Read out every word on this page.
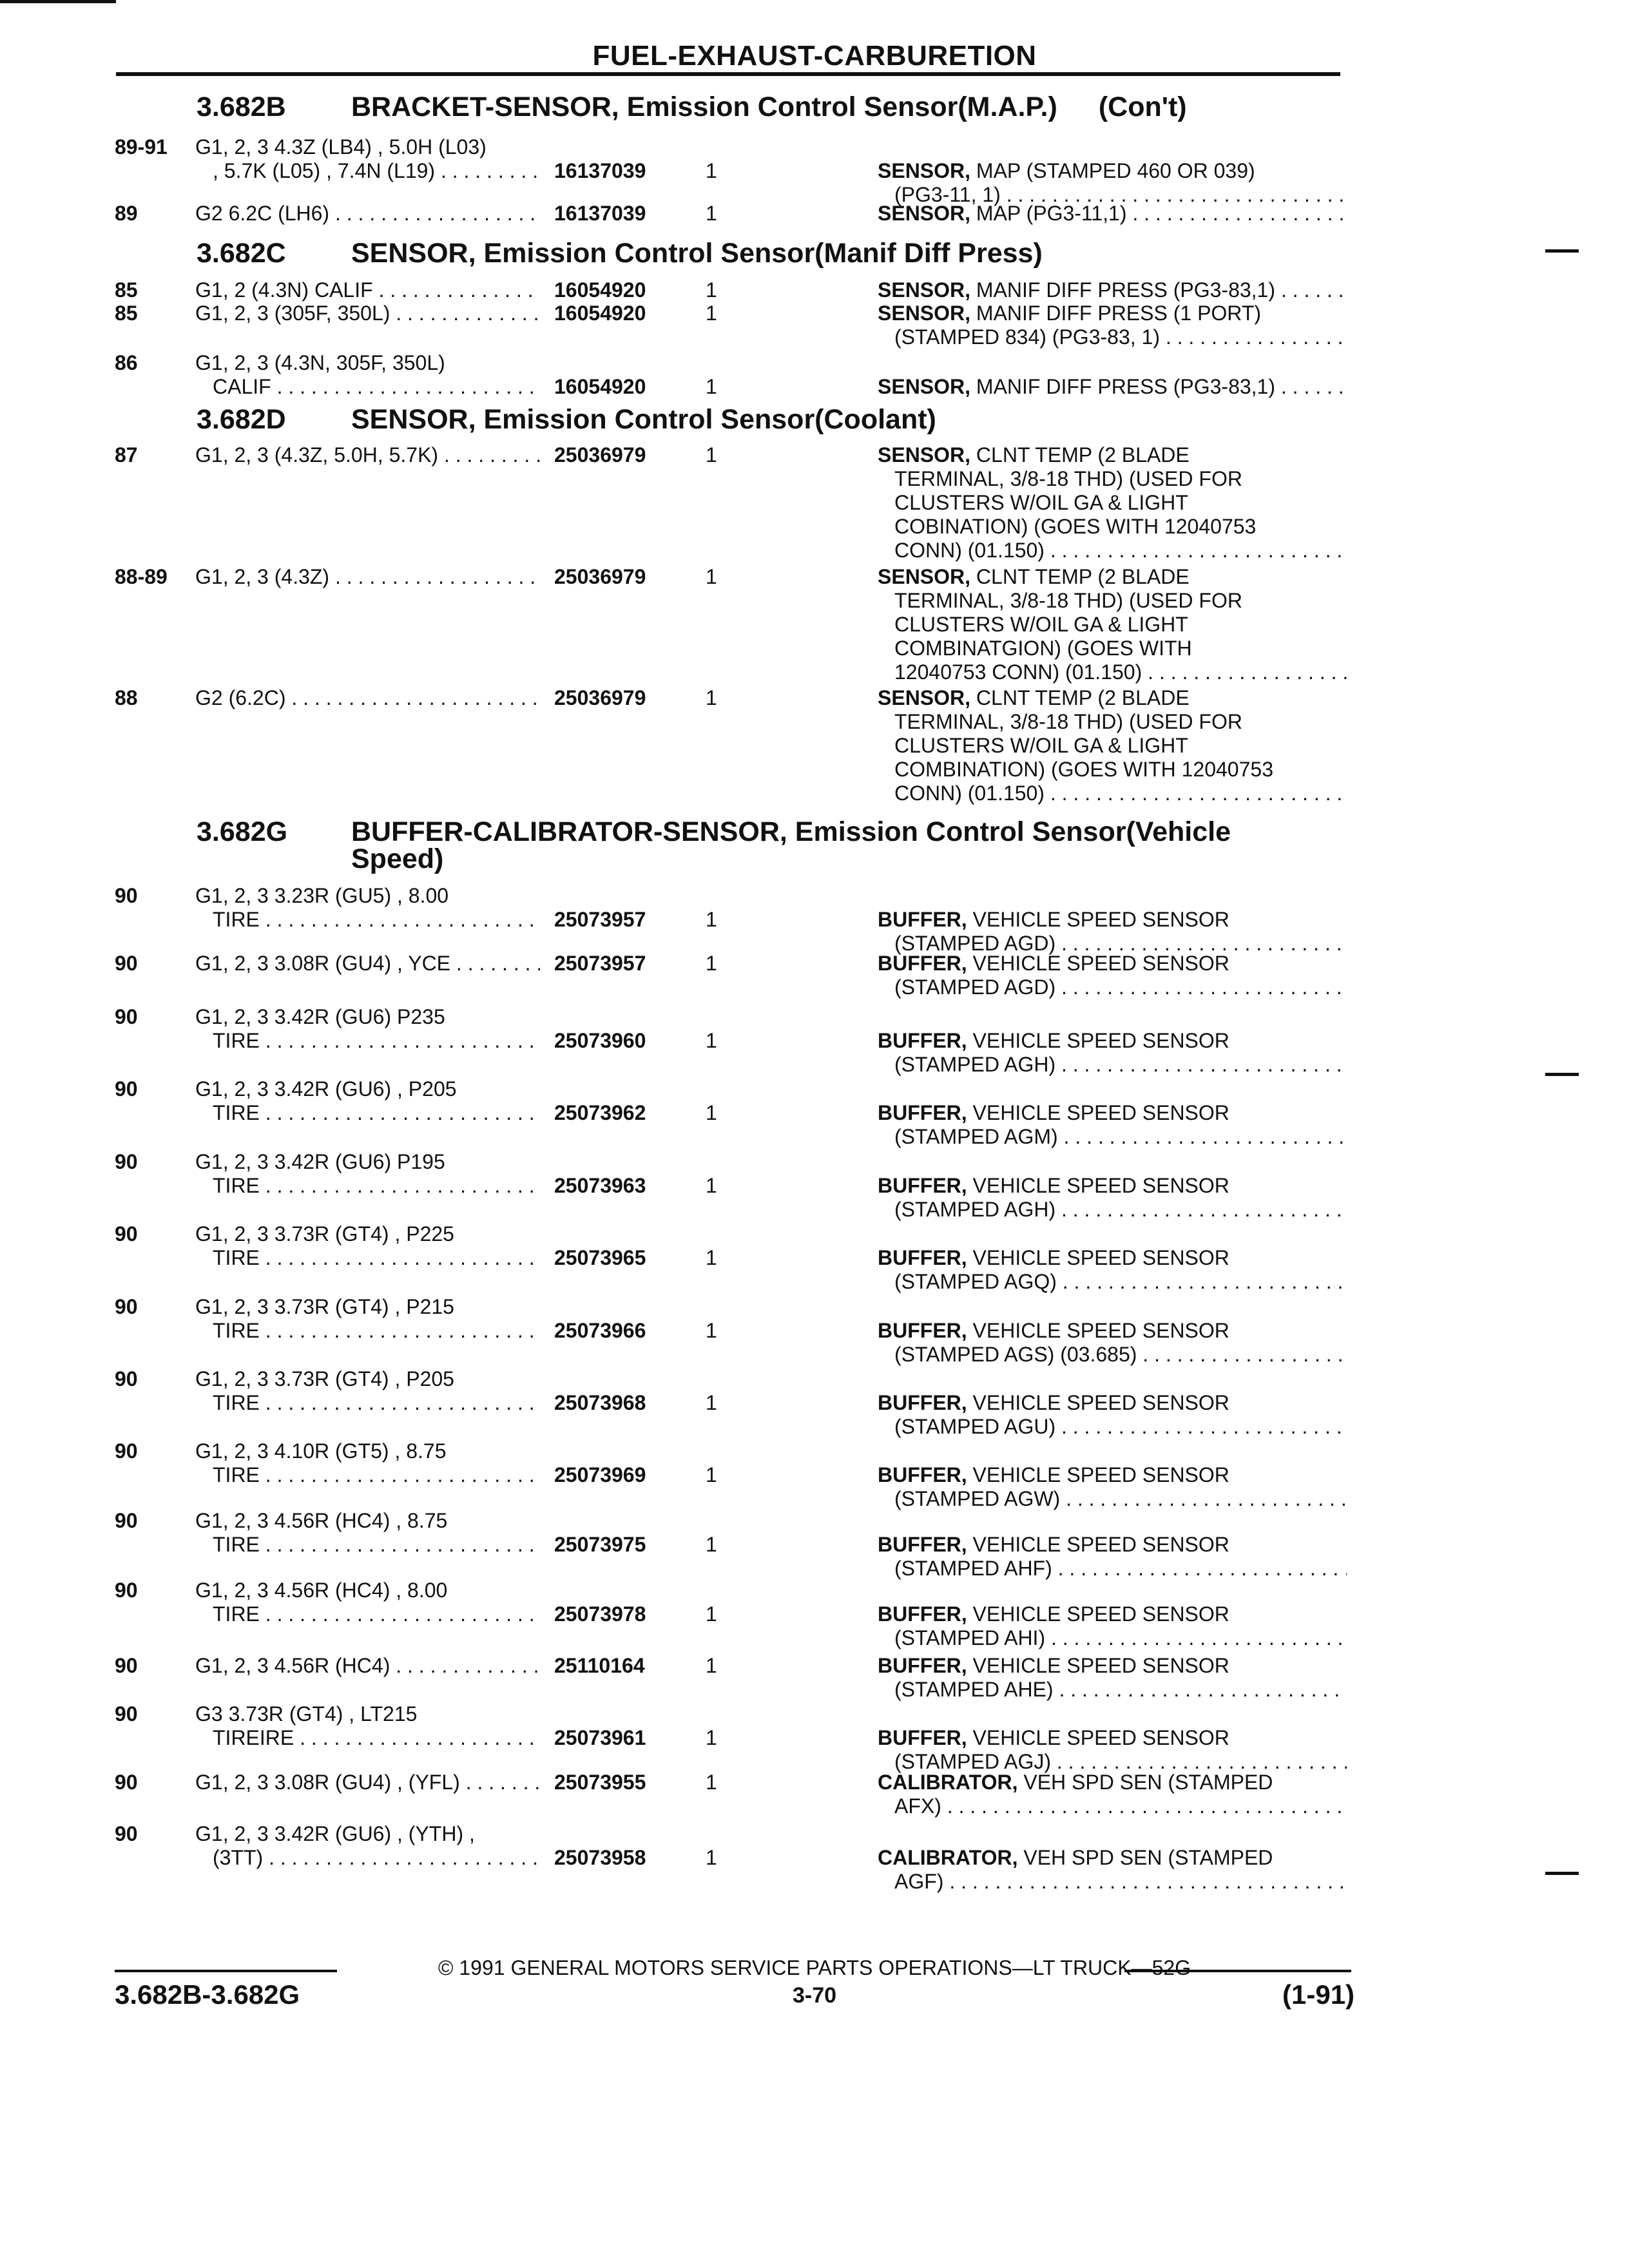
FUEL-EXHAUST-CARBURETION
3.682B BRACKET-SENSOR, Emission Control Sensor(M.A.P.) (Con't)
89-91 G1, 2, 3 4.3Z (LB4) , 5.0H (L03)
, 5.7K (L05) , 7.4N (L19) . . .	16137039	1	SENSOR, MAP (STAMPED 460 OR 039)
(PG3-11, 1) . . .
89	G2 6.2C (LH6) . . .	16137039	1	SENSOR, MAP (PG3-11,1) . . .
3.682C SENSOR, Emission Control Sensor(Manif Diff Press)
85	G1, 2 (4.3N) CALIF . . .	16054920	1	SENSOR, MANIF DIFF PRESS (PG3-83,1) . . .
85	G1, 2, 3 (305F, 350L) . . .	16054920	1	SENSOR, MANIF DIFF PRESS (1 PORT)
(STAMPED 834) (PG3-83, 1) . . .
86	G1, 2, 3 (4.3N, 305F, 350L)
CALIF . . .	16054920	1	SENSOR, MANIF DIFF PRESS (PG3-83,1) . . .
3.682D SENSOR, Emission Control Sensor(Coolant)
87	G1, 2, 3 (4.3Z, 5.0H, 5.7K) . . .	25036979	1	SENSOR, CLNT TEMP (2 BLADE
TERMINAL, 3/8-18 THD) (USED FOR
CLUSTERS W/OIL GA & LIGHT
COBINATION) (GOES WITH 12040753
CONN) (01.150) . . .
88-89 G1, 2, 3 (4.3Z) . . .	25036979	1	SENSOR, CLNT TEMP (2 BLADE
TERMINAL, 3/8-18 THD) (USED FOR
CLUSTERS W/OIL GA & LIGHT
COMBINATGION) (GOES WITH
12040753 CONN) (01.150) . . .
88	G2 (6.2C) . . .	25036979	1	SENSOR, CLNT TEMP (2 BLADE
TERMINAL, 3/8-18 THD) (USED FOR
CLUSTERS W/OIL GA & LIGHT
COMBINATION) (GOES WITH 12040753
CONN) (01.150) . . .
3.682G BUFFER-CALIBRATOR-SENSOR, Emission Control Sensor(Vehicle
Speed)
90	G1, 2, 3 3.23R (GU5) , 8.00
TIRE . . .	25073957	1	BUFFER, VEHICLE SPEED SENSOR
(STAMPED AGD) . . .
90	G1, 2, 3 3.08R (GU4) , YCE . . .	25073957	1	BUFFER, VEHICLE SPEED SENSOR
(STAMPED AGD) . . .
90	G1, 2, 3 3.42R (GU6) P235
TIRE . . .	25073960	1	BUFFER, VEHICLE SPEED SENSOR
(STAMPED AGH) . . .
90	G1, 2, 3 3.42R (GU6) , P205
TIRE . . .	25073962	1	BUFFER, VEHICLE SPEED SENSOR
(STAMPED AGM) . . .
90	G1, 2, 3 3.42R (GU6) P195
TIRE . . .	25073963	1	BUFFER, VEHICLE SPEED SENSOR
(STAMPED AGH) . . .
90	G1, 2, 3 3.73R (GT4) , P225
TIRE . . .	25073965	1	BUFFER, VEHICLE SPEED SENSOR
(STAMPED AGQ) . . .
90	G1, 2, 3 3.73R (GT4) , P215
TIRE . . .	25073966	1	BUFFER, VEHICLE SPEED SENSOR
(STAMPED AGS) (03.685) . . .
90	G1, 2, 3 3.73R (GT4) , P205
TIRE . . .	25073968	1	BUFFER, VEHICLE SPEED SENSOR
(STAMPED AGU) . . .
90	G1, 2, 3 4.10R (GT5) , 8.75
TIRE . . .	25073969	1	BUFFER, VEHICLE SPEED SENSOR
(STAMPED AGW) . . .
90	G1, 2, 3 4.56R (HC4) , 8.75
TIRE . . .	25073975	1	BUFFER, VEHICLE SPEED SENSOR
(STAMPED AHF) . . .
90	G1, 2, 3 4.56R (HC4) , 8.00
TIRE . . .	25073978	1	BUFFER, VEHICLE SPEED SENSOR
(STAMPED AHI) . . .
90	G1, 2, 3 4.56R (HC4) . . .	25110164	1	BUFFER, VEHICLE SPEED SENSOR
(STAMPED AHE) . . .
90	G3 3.73R (GT4) , LT215
TIREIRE . . .	25073961	1	BUFFER, VEHICLE SPEED SENSOR
(STAMPED AGJ) . . .
90	G1, 2, 3 3.08R (GU4) , (YFL) . . .	25073955	1	CALIBRATOR, VEH SPD SEN (STAMPED
AFX) . . .
90	G1, 2, 3 3.42R (GU6) , (YTH) ,
(3TT) . . .	25073958	1	CALIBRATOR, VEH SPD SEN (STAMPED
AGF) . . .
© 1991 GENERAL MOTORS SERVICE PARTS OPERATIONS—LT TRUCK—52G
3.682B-3.682G	3-70	(1-91)
